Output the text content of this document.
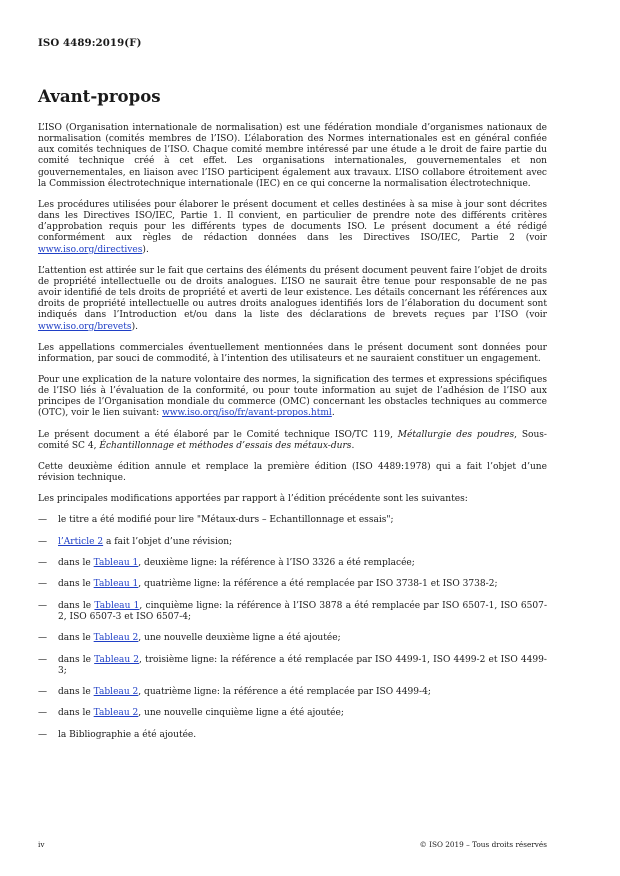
ISO 4489:2019(F)
Avant-propos

L’ISO (Organisation internationale de normalisation) est une fédération mondiale d’organismes nationaux de normalisation (comités membres de l’ISO). L’élaboration des Normes internationales est en général confiée aux comités techniques de l’ISO. Chaque comité membre intéressé par une étude a le droit de faire partie du comité technique créé à cet effet. Les organisations internationales, gouvernementales et non gouvernementales, en liaison avec l’ISO participent également aux travaux. L’ISO collabore étroitement avec la Commission électrotechnique internationale (IEC) en ce qui concerne la normalisation électrotechnique.

Les procédures utilisées pour élaborer le présent document et celles destinées à sa mise à jour sont décrites dans les Directives ISO/IEC, Partie 1. Il convient, en particulier de prendre note des différents critères d’approbation requis pour les différents types de documents ISO. Le présent document a été rédigé conformément aux règles de rédaction données dans les Directives ISO/IEC, Partie 2 (voir www.iso.org/directives).

L’attention est attirée sur le fait que certains des éléments du présent document peuvent faire l’objet de droits de propriété intellectuelle ou de droits analogues. L’ISO ne saurait être tenue pour responsable de ne pas avoir identifié de tels droits de propriété et averti de leur existence. Les détails concernant les références aux droits de propriété intellectuelle ou autres droits analogues identifiés lors de l’élaboration du document sont indiqués dans l’Introduction et/ou dans la liste des déclarations de brevets reçues par l’ISO (voir www.iso.org/brevets).

Les appellations commerciales éventuellement mentionnées dans le présent document sont données pour information, par souci de commodité, à l’intention des utilisateurs et ne sauraient constituer un engagement.

Pour une explication de la nature volontaire des normes, la signification des termes et expressions spécifiques de l’ISO liés à l’évaluation de la conformité, ou pour toute information au sujet de l’adhésion de l’ISO aux principes de l’Organisation mondiale du commerce (OMC) concernant les obstacles techniques au commerce (OTC), voir le lien suivant: www.iso.org/iso/fr/avant-propos.html.

Le présent document a été élaboré par le Comité technique ISO/TC 119, Métallurgie des poudres, Sous-comité SC 4, Échantillonnage et méthodes d’essais des métaux-durs.

Cette deuxième édition annule et remplace la première édition (ISO 4489:1978) qui a fait l’objet d’une révision technique.

Les principales modifications apportées par rapport à l’édition précédente sont les suivantes:

—	le titre a été modifié pour lire "Métaux-durs – Echantillonnage et essais";
—	l’Article 2 a fait l’objet d’une révision;
—	dans le Tableau 1, deuxième ligne: la référence à l’ISO 3326 a été remplacée;
—	dans le Tableau 1, quatrième ligne: la référence a été remplacée par ISO 3738-1 et ISO 3738-2;
—	dans le Tableau 1, cinquième ligne: la référence à l’ISO 3878 a été remplacée par ISO 6507-1, ISO 6507-2, ISO 6507-3 et ISO 6507-4;
—	dans le Tableau 2, une nouvelle deuxième ligne a été ajoutée;
—	dans le Tableau 2, troisième ligne: la référence a été remplacée par ISO 4499-1, ISO 4499-2 et ISO 4499-3;
—	dans le Tableau 2, quatrième ligne: la référence a été remplacée par ISO 4499-4;
—	dans le Tableau 2, une nouvelle cinquième ligne a été ajoutée;
—	la Bibliographie a été ajoutée.
iv	© ISO 2019 – Tous droits réservés
